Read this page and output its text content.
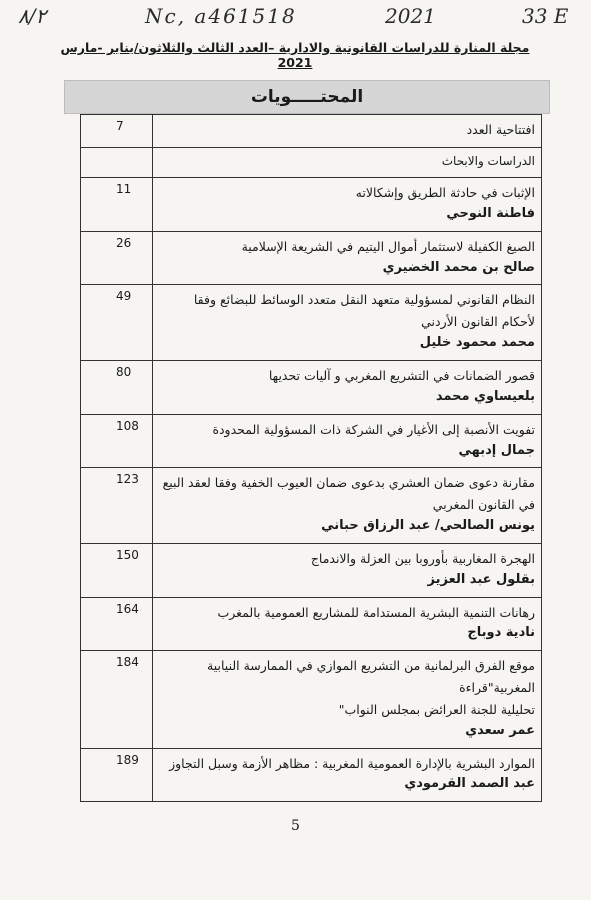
٨/٢	Nc, a461518	2021	33 E
مجلة المنارة للدراسات القانونية والادارية –العدد الثالث والثلاثون/يناير -مارس 2021
المحتـــــويات
افتتاحية العدد	7

الدراسات والابحاث	

الإثبات في حادثة الطريق وإشكالاته
فاطنة النوحي	11

الصيغ الكفيلة لاستثمار أموال اليتيم في الشريعة الإسلامية
صالح بن محمد الخضيري	26

النظام القانوني لمسؤولية متعهد النقل متعدد الوسائط للبضائع وفقا
لأحكام القانون الأردني
محمد محمود خليل	49

قصور الضمانات في التشريع المغربي و آليات تحديها
بلعيساوي محمد	80

تفويت الأنصبة إلى الأغيار في الشركة ذات المسؤولية المحدودة
جمال إدبهي	108

مقارنة دعوى ضمان العشري بدعوى ضمان العيوب الخفية وفقا لعقد البيع
في القانون المغربي
يونس الصالحي/ عبد الرزاق حباني	123

الهجرة المغاربية بأوروبا بين العزلة والاندماج
بقلول عبد العزيز	150

رهانات التنمية البشرية المستدامة للمشاريع العمومية بالمغرب
نادية دوباج	164

موقع الفرق البرلمانية من التشريع الموازي في الممارسة النيابية المغربية"قراءة
تحليلية للجنة العرائض بمجلس النواب"
عمر سعدي	184

الموارد البشرية بالإدارة العمومية المغربية : مظاهر الأزمة وسبل التجاوز
عبد الصمد القرمودي	189
5
